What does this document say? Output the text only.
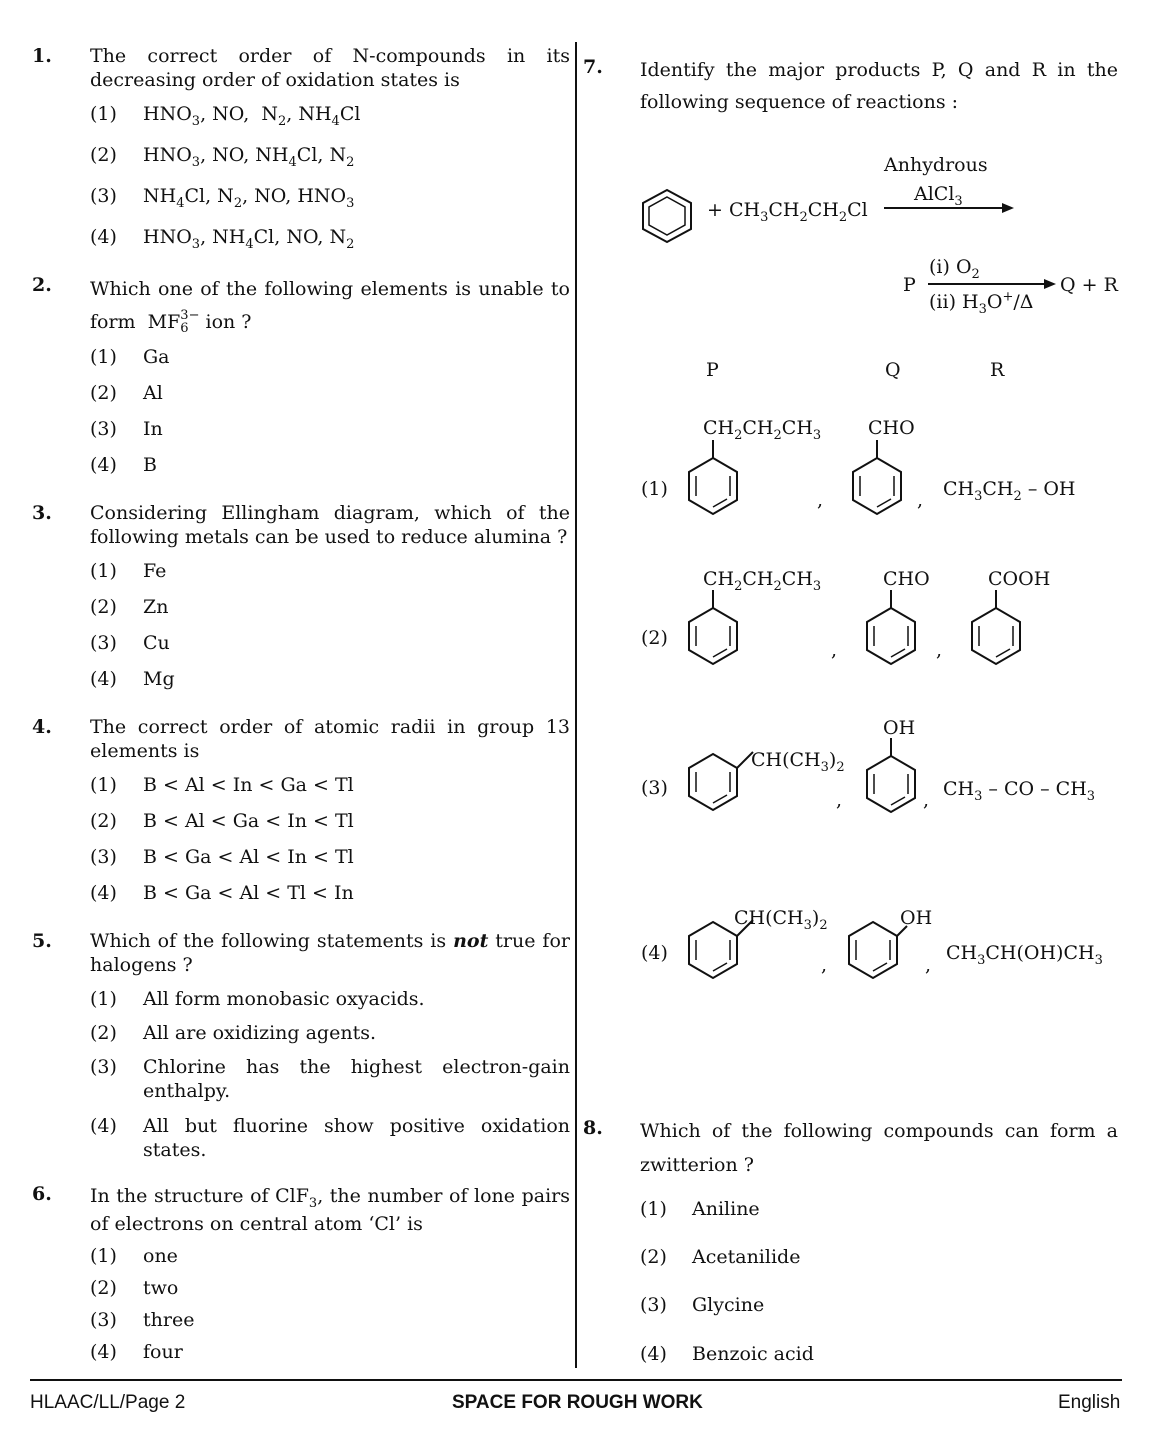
1. The correct order of N-compounds in its decreasing order of oxidation states is
(1) $HNO_3$, NO,  $N_2$, $NH_4Cl$
(2) $HNO_3$, NO, $NH_4Cl$, $N_2$
(3) $NH_4Cl$, $N_2$, NO, $HNO_3$
(4) $HNO_3$, $NH_4Cl$, NO, $N_2$
2. Which one of the following elements is unable to form  MF 3−
6 ion ?
(1) Ga
(2) Al
(3) In
(4) B
3. Considering Ellingham diagram, which of the following metals can be used to reduce alumina ?
(1) Fe
(2) Zn
(3) Cu
(4) Mg
4. The correct order of atomic radii in group 13 elements is
(1) B < Al < In < Ga < Tl
(2) B < Al < Ga < In < Tl
(3) B < Ga < Al < In < Tl
(4) B < Ga < Al < Tl < In
5. Which of the following statements is not true for halogens ?
(1) All form monobasic oxyacids.
(2) All are oxidizing agents.
(3) Chlorine has the highest electron-gain enthalpy.
(4) All but fluorine show positive oxidation states.
6. In the structure of ClF$_3$, the number of lone pairs of electrons on central atom ‘Cl’ is
(1) one
(2) two
(3) three
(4) four
7. Identify the major products P, Q and R in the following sequence of reactions :
+ $CH_3CH_2CH_2Cl$
Anhydrous
AlCl$_3$
P
(i) $O_2$
(ii) $H_3O^+/\Delta$
Q + R
P	Q	R
(1)
$CH_2CH_2CH_3$
,
CHO
, $CH_3CH_2$ – OH
(2)
$CH_2CH_2CH_3$
,
CHO
,
COOH
(3)
$CH(CH_3)_2$
,
OH
, $CH_3$ – CO – $CH_3$
(4)
$CH(CH_3)_2$
,
OH
,
$CH_3CH(OH)CH_3$
8. Which of the following compounds can form a zwitterion ?
(1) Aniline
(2) Acetanilide
(3) Glycine
(4) Benzoic acid
HLAAC/LL/Page 2	SPACE FOR ROUGH WORK	English
